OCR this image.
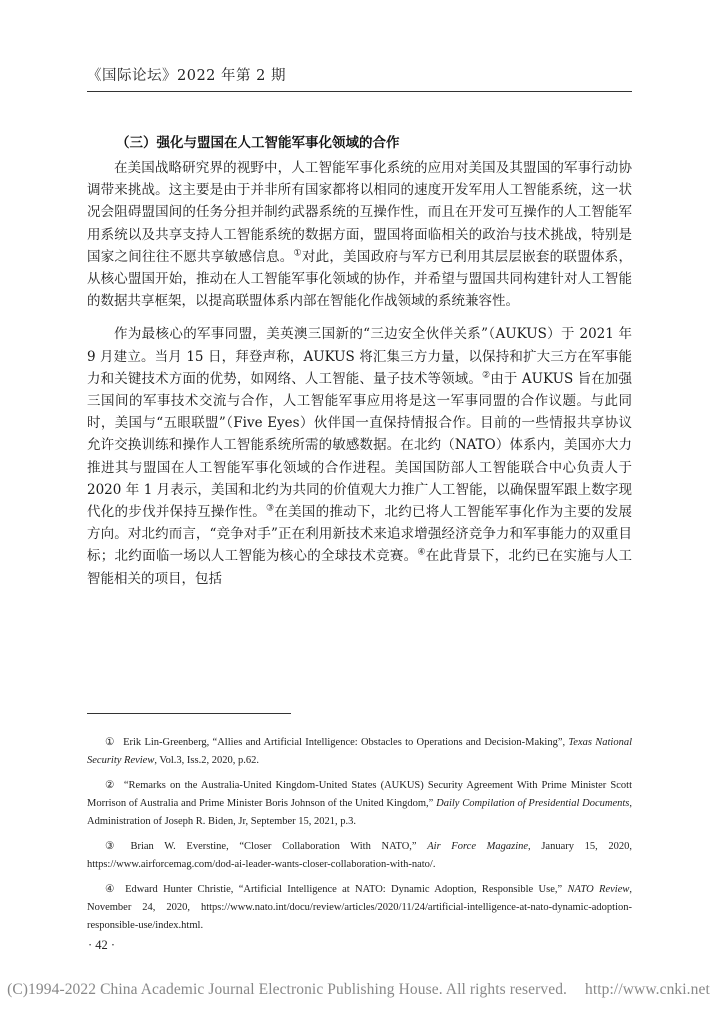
《国际论坛》2022 年第 2 期
（三）强化与盟国在人工智能军事化领域的合作

在美国战略研究界的视野中，人工智能军事化系统的应用对美国及其盟国的军事行动协调带来挑战。这主要是由于并非所有国家都将以相同的速度开发军用人工智能系统，这一状况会阻碍盟国间的任务分担并制约武器系统的互操作性，而且在开发可互操作的人工智能军用系统以及共享支持人工智能系统的数据方面，盟国将面临相关的政治与技术挑战，特别是国家之间往往不愿共享敏感信息。①对此，美国政府与军方已利用其层层嵌套的联盟体系，从核心盟国开始，推动在人工智能军事化领域的协作，并希望与盟国共同构建针对人工智能的数据共享框架，以提高联盟体系内部在智能化作战领域的系统兼容性。

作为最核心的军事同盟，美英澳三国新的“三边安全伙伴关系”（AUKUS）于 2021 年 9 月建立。当月 15 日，拜登声称，AUKUS 将汇集三方力量，以保持和扩大三方在军事能力和关键技术方面的优势，如网络、人工智能、量子技术等领域。②由于 AUKUS 旨在加强三国间的军事技术交流与合作，人工智能军事应用将是这一军事同盟的合作议题。与此同时，美国与“五眼联盟”（Five Eyes）伙伴国一直保持情报合作。目前的一些情报共享协议允许交换训练和操作人工智能系统所需的敏感数据。在北约（NATO）体系内，美国亦大力推进其与盟国在人工智能军事化领域的合作进程。美国国防部人工智能联合中心负责人于 2020 年 1 月表示，美国和北约为共同的价值观大力推广人工智能，以确保盟军跟上数字现代化的步伐并保持互操作性。③在美国的推动下，北约已将人工智能军事化作为主要的发展方向。对北约而言，“竞争对手”正在利用新技术来追求增强经济竞争力和军事能力的双重目标；北约面临一场以人工智能为核心的全球技术竞赛。④在此背景下，北约已在实施与人工智能相关的项目，包括

① Erik Lin-Greenberg, “Allies and Artificial Intelligence: Obstacles to Operations and Decision-Making”, Texas National Security Review, Vol.3, Iss.2, 2020, p.62.
② “Remarks on the Australia-United Kingdom-United States (AUKUS) Security Agreement With Prime Minister Scott Morrison of Australia and Prime Minister Boris Johnson of the United Kingdom,” Daily Compilation of Presidential Documents, Administration of Joseph R. Biden, Jr, September 15, 2021, p.3.
③ Brian W. Everstine, “Closer Collaboration With NATO,” Air Force Magazine, January 15, 2020, https://www.airforcemag.com/dod-ai-leader-wants-closer-collaboration-with-nato/.
④ Edward Hunter Christie, “Artificial Intelligence at NATO: Dynamic Adoption, Responsible Use,” NATO Review, November 24, 2020, https://www.nato.int/docu/review/articles/2020/11/24/artificial-intelligence-at-nato-dynamic-adoption-responsible-use/index.html.
· 42 ·
(C)1994-2022 China Academic Journal Electronic Publishing House. All rights reserved. http://www.cnki.net
